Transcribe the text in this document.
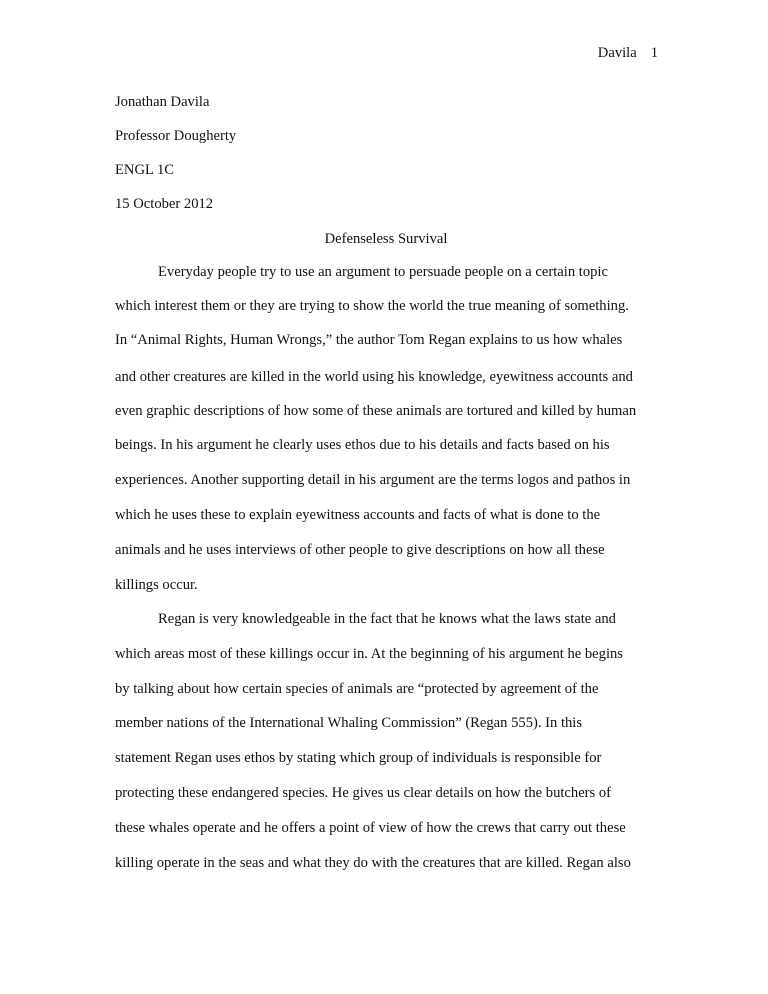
Davila 1
Jonathan Davila
Professor Dougherty
ENGL 1C
15 October 2012
Defenseless Survival
Everyday people try to use an argument to persuade people on a certain topic
which interest them or they are trying to show the world the true meaning of something.
In “Animal Rights, Human Wrongs,” the author Tom Regan explains to us how whales
and other creatures are killed in the world using his knowledge, eyewitness accounts and
even graphic descriptions of how some of these animals are tortured and killed by human
beings. In his argument he clearly uses ethos due to his details and facts based on his
experiences. Another supporting detail in his argument are the terms logos and pathos in
which he uses these to explain eyewitness accounts and facts of what is done to the
animals and he uses interviews of other people to give descriptions on how all these
killings occur.
Regan is very knowledgeable in the fact that he knows what the laws state and
which areas most of these killings occur in. At the beginning of his argument he begins
by talking about how certain species of animals are “protected by agreement of the
member nations of the International Whaling Commission” (Regan 555). In this
statement Regan uses ethos by stating which group of individuals is responsible for
protecting these endangered species. He gives us clear details on how the butchers of
these whales operate and he offers a point of view of how the crews that carry out these
killing operate in the seas and what they do with the creatures that are killed. Regan also
